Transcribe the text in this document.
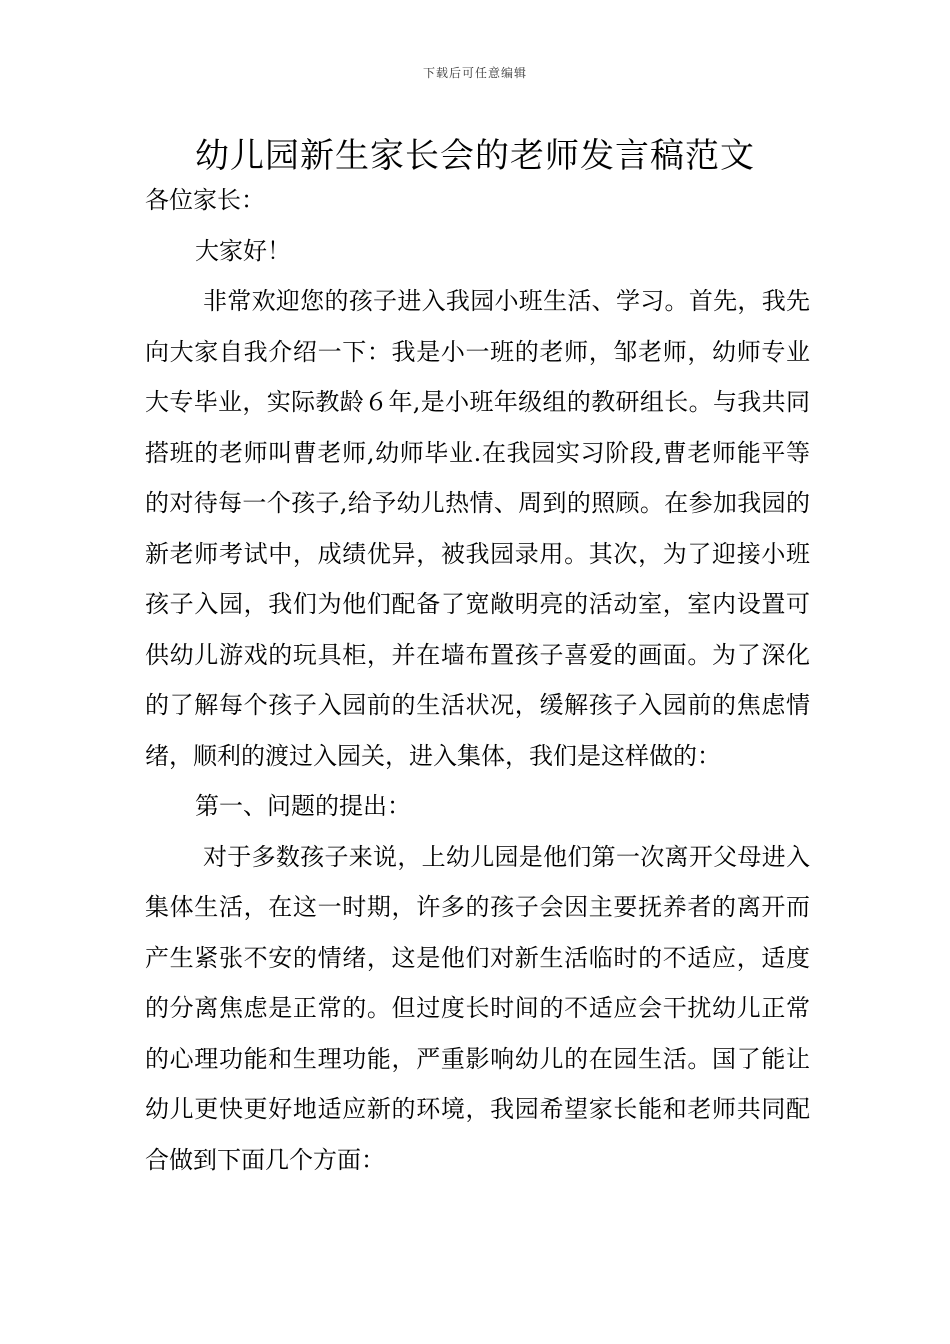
下载后可任意编辑
幼儿园新生家长会的老师发言稿范文

各位家长：

大家好！

非常欢迎您的孩子进入我园小班生活、学习。首先，我先向大家自我介绍一下：我是小一班的老师，邹老师，幼师专业大专毕业，实际教龄６年,是小班年级组的教研组长。与我共同搭班的老师叫曹老师,幼师毕业.在我园实习阶段,曹老师能平等的对待每一个孩子,给予幼儿热情、周到的照顾。在参加我园的新老师考试中，成绩优异，被我园录用。其次，为了迎接小班孩子入园，我们为他们配备了宽敞明亮的活动室，室内设置可供幼儿游戏的玩具柜，并在墙布置孩子喜爱的画面。为了深化的了解每个孩子入园前的生活状况，缓解孩子入园前的焦虑情绪，顺利的渡过入园关，进入集体，我们是这样做的：

第一、问题的提出：

对于多数孩子来说，上幼儿园是他们第一次离开父母进入集体生活，在这一时期，许多的孩子会因主要抚养者的离开而产生紧张不安的情绪，这是他们对新生活临时的不适应，适度的分离焦虑是正常的。但过度长时间的不适应会干扰幼儿正常的心理功能和生理功能，严重影响幼儿的在园生活。国了能让幼儿更快更好地适应新的环境，我园希望家长能和老师共同配合做到下面几个方面：
